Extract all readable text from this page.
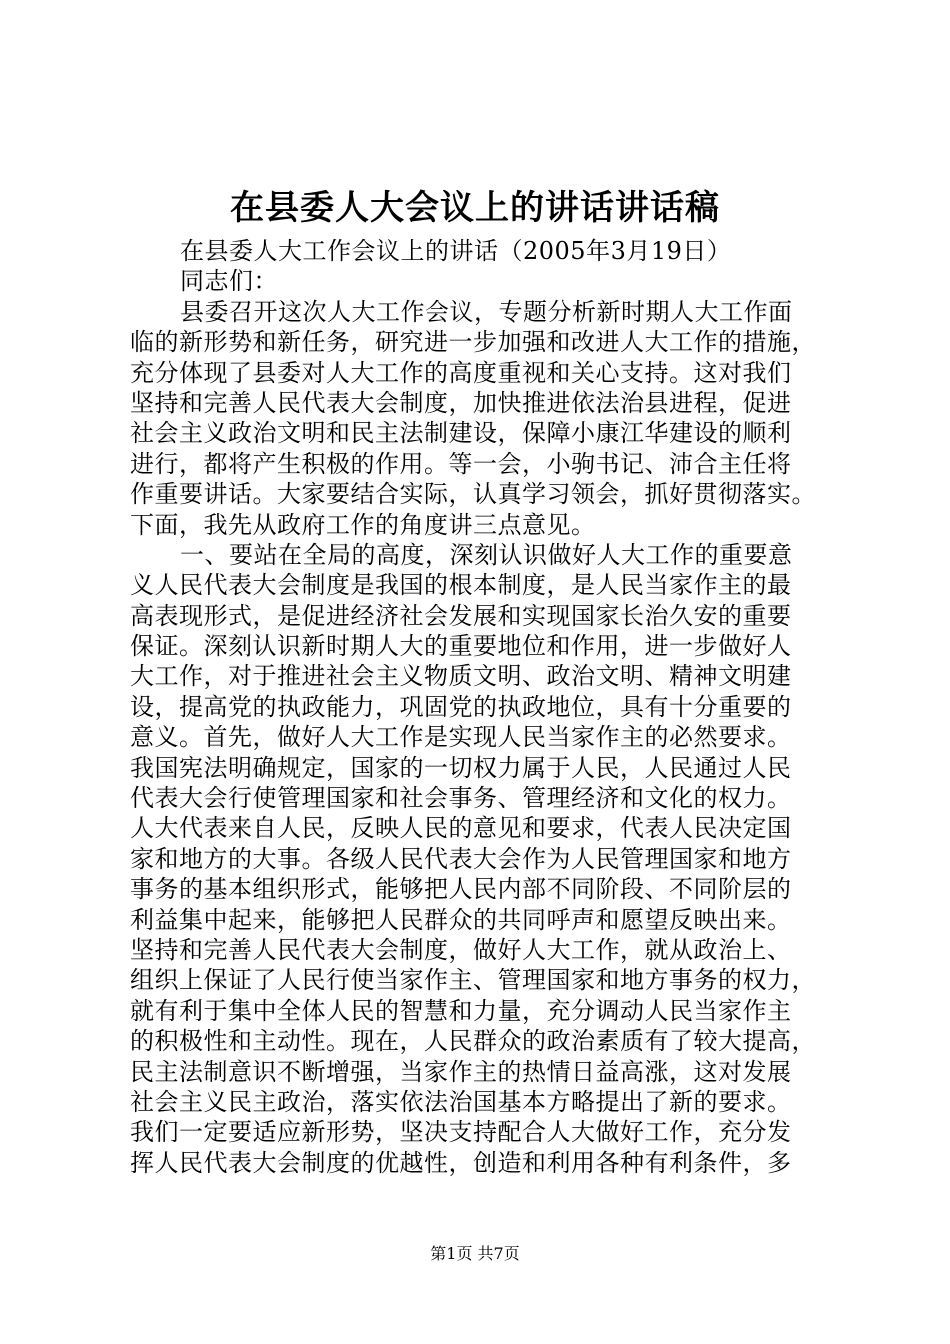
在县委人大会议上的讲话讲话稿
在县委人大工作会议上的讲话（2005年3月19日）
同志们：
县委召开这次人大工作会议，专题分析新时期人大工作面
临的新形势和新任务，研究进一步加强和改进人大工作的措施，
充分体现了县委对人大工作的高度重视和关心支持。这对我们
坚持和完善人民代表大会制度，加快推进依法治县进程，促进
社会主义政治文明和民主法制建设，保障小康江华建设的顺利
进行，都将产生积极的作用。等一会，小驹书记、沛合主任将
作重要讲话。大家要结合实际，认真学习领会，抓好贯彻落实。
下面，我先从政府工作的角度讲三点意见。
一、要站在全局的高度，深刻认识做好人大工作的重要意
义人民代表大会制度是我国的根本制度，是人民当家作主的最
高表现形式，是促进经济社会发展和实现国家长治久安的重要
保证。深刻认识新时期人大的重要地位和作用，进一步做好人
大工作，对于推进社会主义物质文明、政治文明、精神文明建
设，提高党的执政能力，巩固党的执政地位，具有十分重要的
意义。首先，做好人大工作是实现人民当家作主的必然要求。
我国宪法明确规定，国家的一切权力属于人民，人民通过人民
代表大会行使管理国家和社会事务、管理经济和文化的权力。
人大代表来自人民，反映人民的意见和要求，代表人民决定国
家和地方的大事。各级人民代表大会作为人民管理国家和地方
事务的基本组织形式，能够把人民内部不同阶段、不同阶层的
利益集中起来，能够把人民群众的共同呼声和愿望反映出来。
坚持和完善人民代表大会制度，做好人大工作，就从政治上、
组织上保证了人民行使当家作主、管理国家和地方事务的权力，
就有利于集中全体人民的智慧和力量，充分调动人民当家作主
的积极性和主动性。现在，人民群众的政治素质有了较大提高，
民主法制意识不断增强，当家作主的热情日益高涨，这对发展
社会主义民主政治，落实依法治国基本方略提出了新的要求。
我们一定要适应新形势，坚决支持配合人大做好工作，充分发
挥人民代表大会制度的优越性，创造和利用各种有利条件，多
第1页 共7页
